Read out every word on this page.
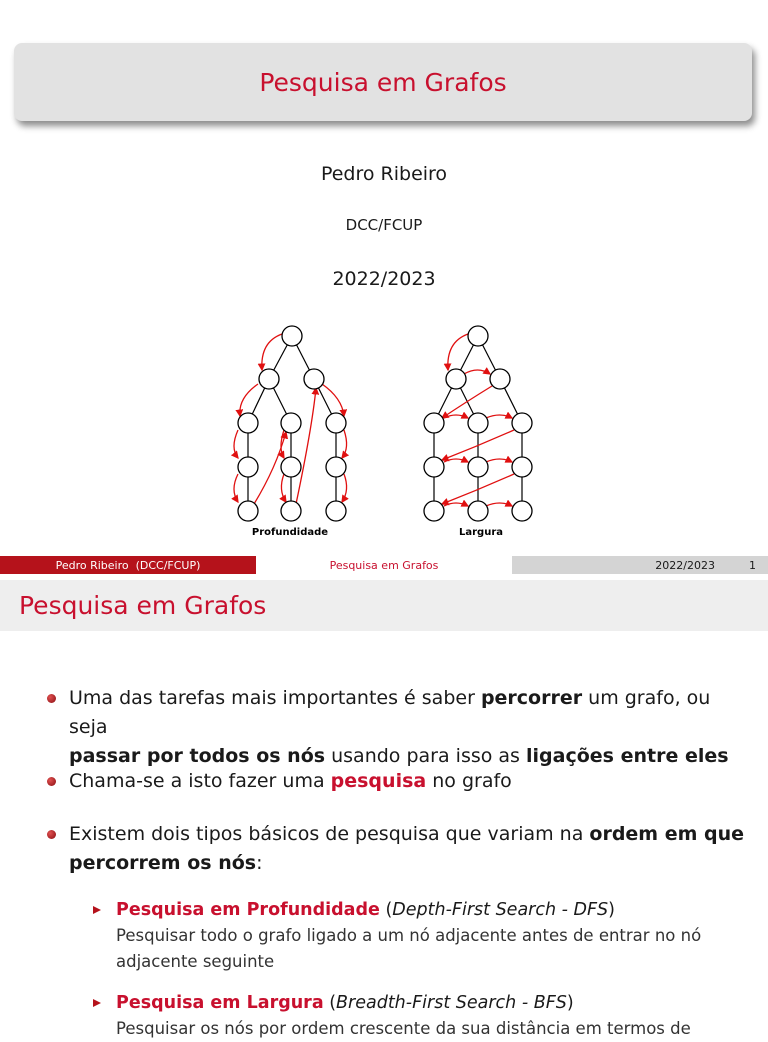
Pesquisa em Grafos
Pedro Ribeiro
DCC/FCUP
2022/2023
Profundidade	Largura
Pedro Ribeiro  (DCC/FCUP)	Pesquisa em Grafos	2022/2023	1
Pesquisa em Grafos
Uma das tarefas mais importantes é saber percorrer um grafo, ou seja
passar por todos os nós usando para isso as ligações entre eles
Chama-se a isto fazer uma pesquisa no grafo
Existem dois tipos básicos de pesquisa que variam na ordem em que
percorrem os nós:
Pesquisa em Profundidade (Depth-First Search - DFS)
Pesquisar todo o grafo ligado a um nó adjacente antes de entrar no nó
adjacente seguinte
Pesquisa em Largura (Breadth-First Search - BFS)
Pesquisar os nós por ordem crescente da sua distância em termos de
